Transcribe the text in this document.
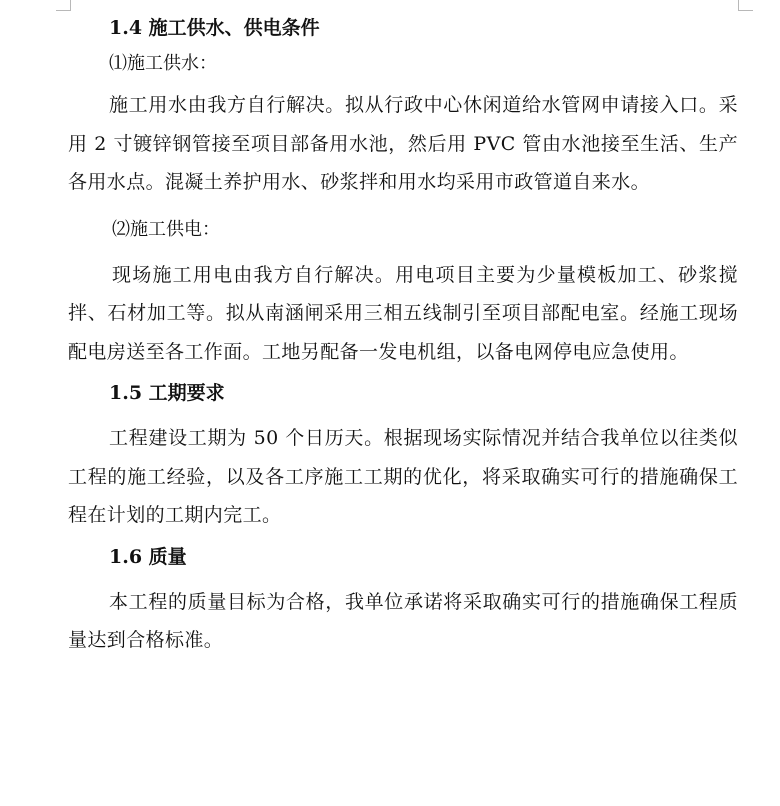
1.4 施工供水、供电条件
⑴施工供水：

施工用水由我方自行解决。拟从行政中心休闲道给水管网申请接入口。采用 2 寸镀锌钢管接至项目部备用水池，然后用 PVC 管由水池接至生活、生产各用水点。混凝土养护用水、砂浆拌和用水均采用市政管道自来水。

⑵施工供电：

现场施工用电由我方自行解决。用电项目主要为少量模板加工、砂浆搅拌、石材加工等。拟从南涵闸采用三相五线制引至项目部配电室。经施工现场配电房送至各工作面。工地另配备一发电机组，以备电网停电应急使用。

1.5 工期要求

工程建设工期为 50 个日历天。根据现场实际情况并结合我单位以往类似工程的施工经验，以及各工序施工工期的优化，将采取确实可行的措施确保工程在计划的工期内完工。

1.6 质量

本工程的质量目标为合格，我单位承诺将采取确实可行的措施确保工程质量达到合格标准。
